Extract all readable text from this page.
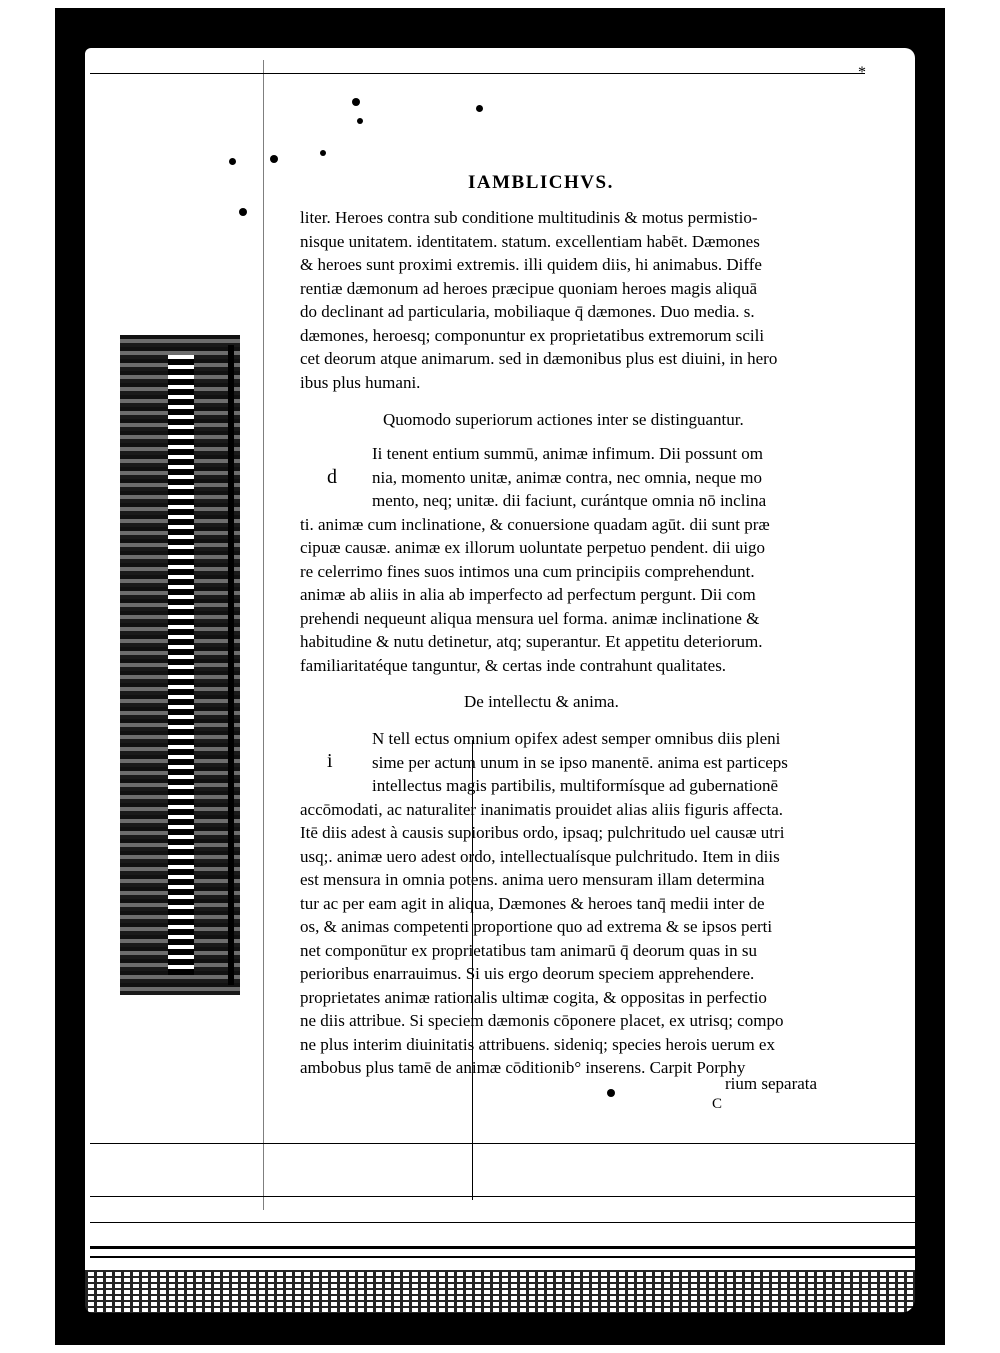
*
IAMBLICHVS.
liter. Heroes contra sub conditione multitudinis & motus permistio-
nisque unitatem. identitatem. statum. excellentiam habēt. Dæmones
& heroes sunt proximi extremis. illi quidem diis, hi animabus. Diffe
rentiæ dæmonum ad heroes præcipue quoniam heroes magis aliquā
do declinant ad particularia, mobiliaque q̄ dæmones. Duo media. s.
dæmones, heroesq; componuntur ex proprietatibus extremorum scili
cet deorum atque animarum. sed in dæmonibus plus est diuini, in hero
ibus plus humani.
Quomodo superiorum actiones inter se distinguantur.
d
Ii tenent entium summū, animæ infimum. Dii possunt om
nia, momento unitæ, animæ contra, nec omnia, neque mo
mento, neq; unitæ. dii faciunt, curántque omnia nō inclina
ti. animæ cum inclinatione, & conuersione quadam agūt. dii sunt præ
cipuæ causæ. animæ ex illorum uoluntate perpetuo pendent. dii uigo
re celerrimo fines suos intimos una cum principiis comprehendunt.
animæ ab aliis in alia ab imperfecto ad perfectum pergunt. Dii com
prehendi nequeunt aliqua mensura uel forma. animæ inclinatione &
habitudine & nutu detinetur, atq; superantur. Et appetitu deteriorum.
familiaritatéque tanguntur, & certas inde contrahunt qualitates.
De intellectu & anima.
i
N tell ectus omnium opifex adest semper omnibus diis pleni
sime per actum unum in se ipso manentē. anima est particeps
intellectus magis partibilis, multiformísque ad gubernationē
accōmodati, ac naturaliter inanimatis prouidet alias aliis figuris affecta.
Itē diis adest à causis supioribus ordo, ipsaq; pulchritudo uel causæ utri
usq;. animæ uero adest ordo, intellectualísque pulchritudo. Item in diis
est mensura in omnia potens. anima uero mensuram illam determina
tur ac per eam agit in aliqua, Dæmones & heroes tanq̄ medii inter de
os, & animas competenti proportione quo ad extrema & se ipsos perti
net componūtur ex proprietatibus tam animarū q̄ deorum quas in su
perioribus enarrauimus. Si uis ergo deorum speciem apprehendere.
proprietates animæ rationalis ultimæ cogita, & oppositas in perfectio
ne diis attribue. Si speciem dæmonis cōponere placet, ex utrisq; compo
ne plus interim diuinitatis attribuens. sideniq; species herois uerum ex
ambobus plus tamē de animæ cōditionib° inserens. Carpit Porphy
rium separata
C
